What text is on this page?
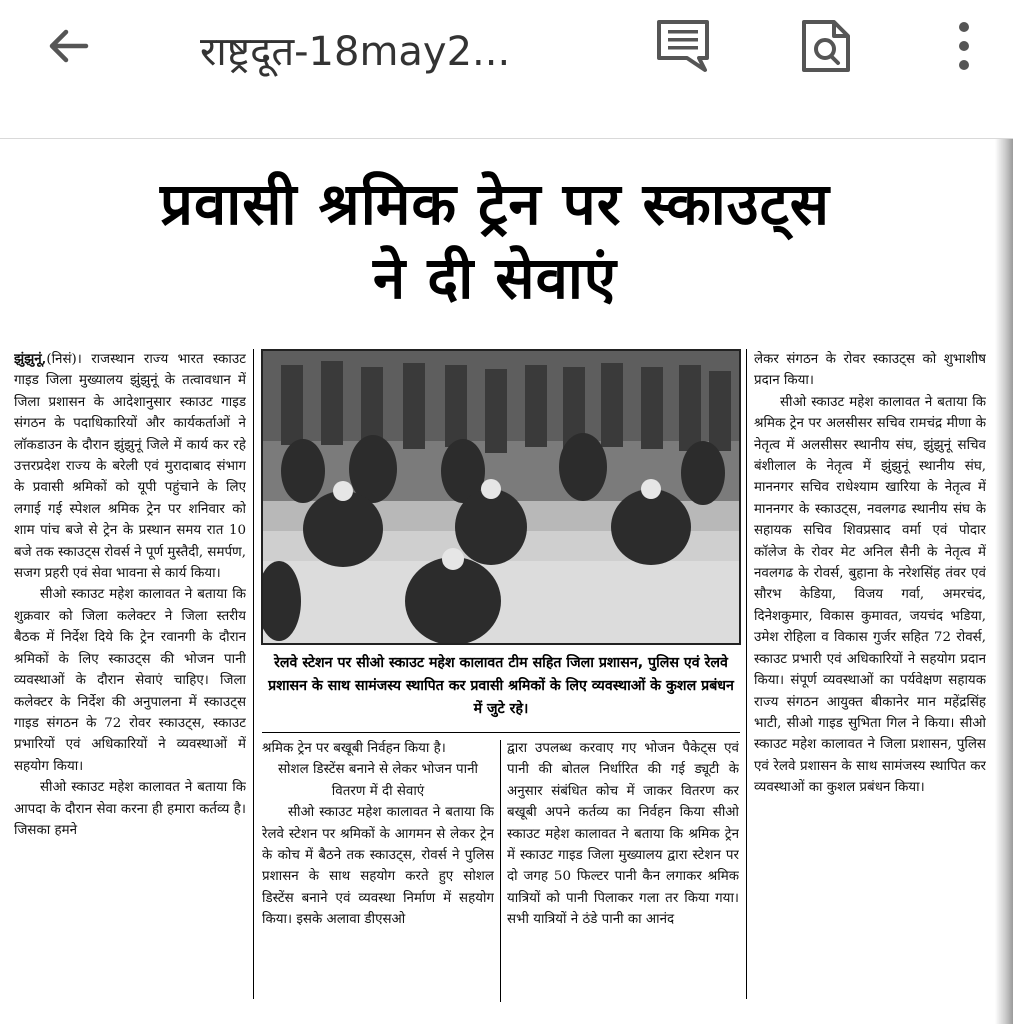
राष्ट्रदूत-18may2...
प्रवासी श्रमिक ट्रेन पर स्काउट्स
ने दी सेवाएं

झुंझुनूं,(निसं)। राजस्थान राज्य भारत स्काउट गाइड जिला मुख्यालय झुंझुनूं के तत्वावधान में जिला प्रशासन के आदेशानुसार स्काउट गाइड संगठन के पदाधिकारियों और कार्यकर्ताओं ने लॉकडाउन के दौरान झुंझुनूं जिले में कार्य कर रहे उत्तरप्रदेश राज्य के बरेली एवं मुरादाबाद संभाग के प्रवासी श्रमिकों को यूपी पहुंचाने के लिए लगाई गई स्पेशल श्रमिक ट्रेन पर शनिवार को शाम पांच बजे से ट्रेन के प्रस्थान समय रात 10 बजे तक स्काउट्स रोवर्स ने पूर्ण मुस्तैदी, समर्पण, सजग प्रहरी एवं सेवा भावना से कार्य किया।

सीओ स्काउट महेश कालावत ने बताया कि शुक्रवार को जिला कलेक्टर ने जिला स्तरीय बैठक में निर्देश दिये कि ट्रेन रवानगी के दौरान श्रमिकों के लिए स्काउट्स की भोजन पानी व्यवस्थाओं के दौरान सेवाएं चाहिए। जिला कलेक्टर के निर्देश की अनुपालना में स्काउट्स गाइड संगठन के 72 रोवर स्काउट्स, स्काउट प्रभारियों एवं अधिकारियों ने व्यवस्थाओं में सहयोग किया।

सीओ स्काउट महेश कालावत ने बताया कि आपदा के दौरान सेवा करना ही हमारा कर्तव्य है। जिसका हमने

रेलवे स्टेशन पर सीओ स्काउट महेश कालावत टीम सहित जिला प्रशासन, पुलिस एवं रेलवे प्रशासन के साथ सामंजस्य स्थापित कर प्रवासी श्रमिकों के लिए व्यवस्थाओं के कुशल प्रबंधन में जुटे रहे।

श्रमिक ट्रेन पर बखूबी निर्वहन किया है।

सोशल डिस्टेंस बनाने से लेकर भोजन पानी वितरण में दी सेवाएं

सीओ स्काउट महेश कालावत ने बताया कि रेलवे स्टेशन पर श्रमिकों के आगमन से लेकर ट्रेन के कोच में बैठने तक स्काउट्स, रोवर्स ने पुलिस प्रशासन के साथ सहयोग करते हुए सोशल डिस्टेंस बनाने एवं व्यवस्था निर्माण में सहयोग किया। इसके अलावा डीएसओ

द्वारा उपलब्ध करवाए गए भोजन पैकेट्स एवं पानी की बोतल निर्धारित की गई ड्यूटी के अनुसार संबंधित कोच में जाकर वितरण कर बखूबी अपने कर्तव्य का निर्वहन किया सीओ स्काउट महेश कालावत ने बताया कि श्रमिक ट्रेन में स्काउट गाइड जिला मुख्यालय द्वारा स्टेशन पर दो जगह 50 फिल्टर पानी कैन लगाकर श्रमिक यात्रियों को पानी पिलाकर गला तर किया गया। सभी यात्रियों ने ठंडे पानी का आनंद

लेकर संगठन के रोवर स्काउट्स को शुभाशीष प्रदान किया।

सीओ स्काउट महेश कालावत ने बताया कि श्रमिक ट्रेन पर अलसीसर सचिव रामचंद्र मीणा के नेतृत्व में अलसीसर स्थानीय संघ, झुंझुनूं सचिव बंशीलाल के नेतृत्व में झुंझुनूं स्थानीय संघ, माननगर सचिव राधेश्याम खारिया के नेतृत्व में माननगर के स्काउट्स, नवलगढ स्थानीय संघ के सहायक सचिव शिवप्रसाद वर्मा एवं पोदार कॉलेज के रोवर मेट अनिल सैनी के नेतृत्व में नवलगढ के रोवर्स, बुहाना के नरेशसिंह तंवर एवं सौरभ केडिया, विजय गर्वा, अमरचंद, दिनेशकुमार, विकास कुमावत, जयचंद भडिया, उमेश रोहिला व विकास गुर्जर सहित 72 रोवर्स, स्काउट प्रभारी एवं अधिकारियों ने सहयोग प्रदान किया। संपूर्ण व्यवस्थाओं का पर्यवेक्षण सहायक राज्य संगठन आयुक्त बीकानेर मान महेंद्रसिंह भाटी, सीओ गाइड सुभिता गिल ने किया। सीओ स्काउट महेश कालावत ने जिला प्रशासन, पुलिस एवं रेलवे प्रशासन के साथ सामंजस्य स्थापित कर व्यवस्थाओं का कुशल प्रबंधन किया।
